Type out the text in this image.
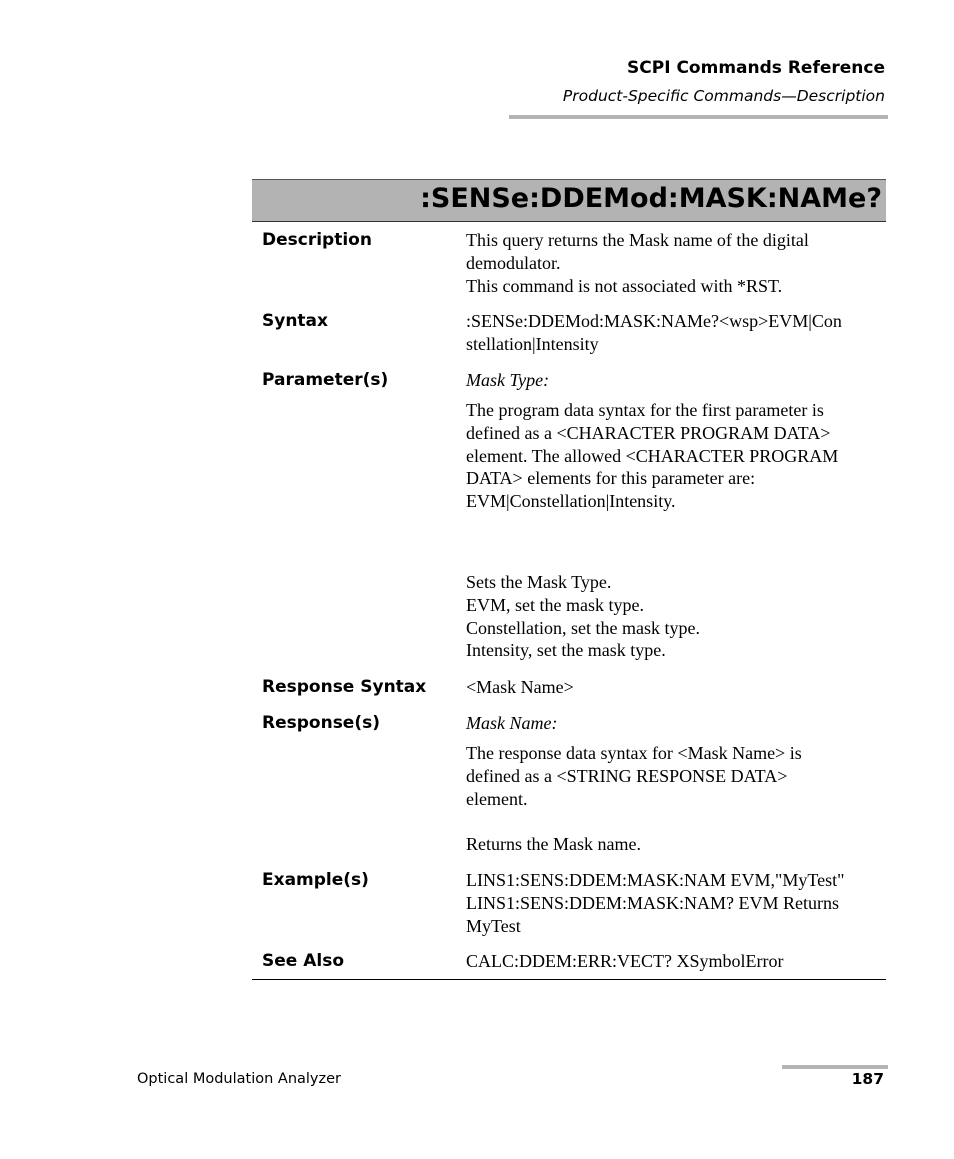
SCPI Commands Reference
Product-Specific Commands—Description
:SENSe:DDEMod:MASK:NAMe?
Description	This query returns the Mask name of the digital
demodulator.
This command is not associated with *RST.
Syntax	:SENSe:DDEMod:MASK:NAMe?<wsp>EVM|Con
stellation|Intensity
Parameter(s)	Mask Type:
The program data syntax for the first parameter is
defined as a <CHARACTER PROGRAM DATA>
element. The allowed <CHARACTER PROGRAM
DATA> elements for this parameter are:
EVM|Constellation|Intensity.
Sets the Mask Type.
EVM, set the mask type.
Constellation, set the mask type.
Intensity, set the mask type.
Response Syntax <Mask Name>
Response(s)	Mask Name:
The response data syntax for <Mask Name> is
defined as a <STRING RESPONSE DATA>
element.
Returns the Mask name.
Example(s)	LINS1:SENS:DDEM:MASK:NAM EVM,"MyTest"
LINS1:SENS:DDEM:MASK:NAM? EVM Returns
MyTest
See Also	CALC:DDEM:ERR:VECT? XSymbolError
Optical Modulation Analyzer	187
